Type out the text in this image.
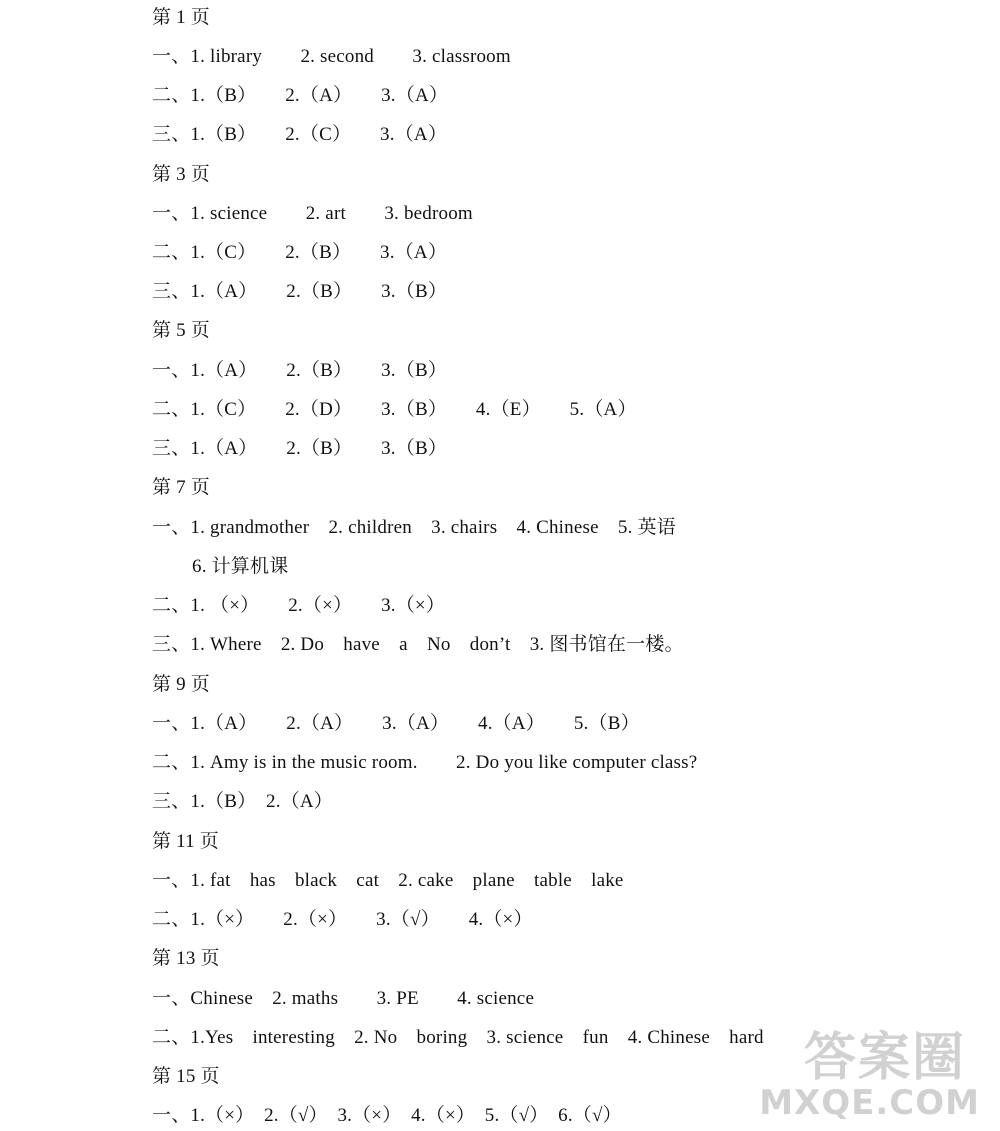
第 1 页
一、1. library　　2. second　　3. classroom
二、1.（B）　　2.（A）　　3.（A）
三、1.（B）　　2.（C）　　3.（A）
第 3 页
一、1. science　　2. art　　3. bedroom
二、1.（C）　　2.（B）　　3.（A）
三、1.（A）　　2.（B）　　3.（B）
第 5 页
一、1.（A）　　2.（B）　　3.（B）
二、1.（C）　　2.（D）　　3.（B）　　4.（E）　　5.（A）
三、1.（A）　　2.（B）　　3.（B）
第 7 页
一、1. grandmother　2. children　3. chairs　4. Chinese　5. 英语
6. 计算机课
二、1. （×）　　2.（×）　　3.（×）
三、1. Where　2. Do　have　a　No　don’t　3. 图书馆在一楼。
第 9 页
一、1.（A）　　2.（A）　　3.（A）　　4.（A）　　5.（B）
二、1. Amy is in the music room.　　2. Do you like computer class?
三、1.（B）　2.（A）
第 11 页
一、1. fat　has　black　cat　2. cake　plane　table　lake
二、1.（×）　　2.（×）　　3.（√）　　4.（×）
第 13 页
一、Chinese　2. maths　　3. PE　　4. science
二、1.Yes　interesting　2. No　boring　3. science　fun　4. Chinese　hard
第 15 页
一、1.（×）　2.（√）　3.（×）　4.（×）　5.（√）　6.（√）
答案圈
MXQE.COM
